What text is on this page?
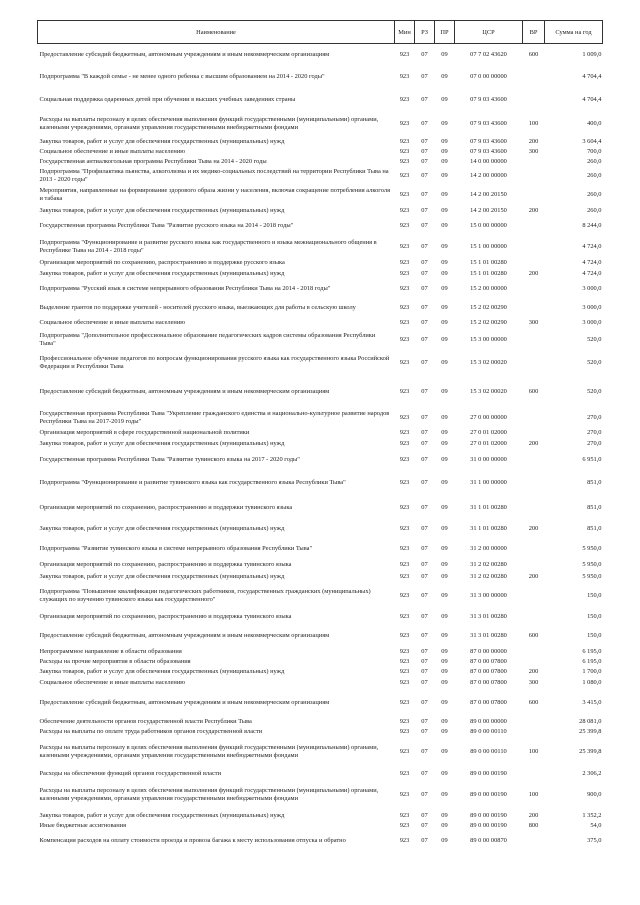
Наименование	Мин	РЗ	ПР	ЦСР	ВР	Сумма на год
Предоставление субсидий бюджетным, автономным учреждениям и иным некоммерческим организациям	923	07	09	07 7 02 43620	600	1 009,0
Подпрограмма "В каждой семье - не менее одного ребенка с высшим образованием на 2014 - 2020 годы"	923	07	09	07 0 00 00000		4 704,4
Социальная поддержка одаренных детей при обучении в высших учебных заведениях страны	923	07	09	07 9 03 43600		4 704,4
Расходы на выплаты персоналу в целях обеспечения выполнения функций государственными (муниципальными) органами, казенными учреждениями, органами управления государственными внебюджетными фондами	923	07	09	07 9 03 43600	100	400,0
Закупка товаров, работ и услуг для обеспечения государственных (муниципальных) нужд	923	07	09	07 9 03 43600	200	3 604,4
Социальное обеспечение и иные выплаты населению	923	07	09	07 9 03 43600	300	700,0
Государственная антиалкогольная программа Республики Тыва на 2014 - 2020 годы	923	07	09	14 0 00 00000		260,0
Подпрограмма "Профилактика пьянства, алкоголизма и их медико-социальных последствий на территории Республики Тыва на 2013 - 2020 годы"	923	07	09	14 2 00 00000		260,0
Мероприятия, направленные на формирование здорового образа жизни у населения, включая сокращение потребления алкоголя и табака	923	07	09	14 2 00 20150		260,0
Закупка товаров, работ и услуг для обеспечения государственных (муниципальных) нужд	923	07	09	14 2 00 20150	200	260,0
Государственная программа Республики Тыва "Развитие русского языка на 2014 - 2018 годы"	923	07	09	15 0 00 00000		8 244,0
Подпрограмма "Функционирование и развитие русского языка как государственного и языка межнационального общения в Республике Тыва на 2014 - 2018 годы"	923	07	09	15 1 00 00000		4 724,0
Организация мероприятий по сохранению, распространению и поддержке русского языка	923	07	09	15 1 01 00280		4 724,0
Закупка товаров, работ и услуг для обеспечения государственных (муниципальных) нужд	923	07	09	15 1 01 00280	200	4 724,0
Подпрограмма "Русский язык в системе непрерывного образования Республики Тыва на 2014 - 2018 годы"	923	07	09	15 2 00 00000		3 000,0
Выделение грантов по поддержке учителей - носителей русского языка, выезжающих для работы в сельскую школу	923	07	09	15 2 02 00290		3 000,0
Социальное обеспечение и иные выплаты населению	923	07	09	15 2 02 00290	300	3 000,0
Подпрограмма "Дополнительное профессиональное образование педагогических кадров системы образования Республики Тыва"	923	07	09	15 3 00 00000		520,0
Профессиональное обучение педагогов по вопросам функционирования русского языка как государственного языка Российской Федерации и Республики Тыва	923	07	09	15 3 02 00020		520,0
Предоставление субсидий бюджетным, автономным учреждениям и иным некоммерческим организациям	923	07	09	15 3 02 00020	600	520,0
Государственная программа Республики Тыва "Укрепление гражданского единства и национально-культурное развитие народов Республики Тыва на 2017-2019 годы"	923	07	09	27 0 00 00000		270,0
Организация мероприятий в сфере государственной национальной политики	923	07	09	27 0 01 02000		270,0
Закупка товаров, работ и услуг для обеспечения государственных (муниципальных) нужд	923	07	09	27 0 01 02000	200	270,0
Государственная программа Республики Тыва "Развитие тувинского языка на 2017 - 2020 годы"	923	07	09	31 0 00 00000		6 951,0
Подпрограмма "Функционирование и развитие тувинского языка как государственного языка Республики Тыва"	923	07	09	31 1 00 00000		851,0
Организация мероприятий по сохранению, распространению и поддержки тувинского языка	923	07	09	31 1 01 00280		851,0
Закупка товаров, работ и услуг для обеспечения государственных (муниципальных) нужд	923	07	09	31 1 01 00280	200	851,0
Подпрограмма "Развитие тувинского языка в системе непрерывного образования Республики Тыва"	923	07	09	31 2 00 00000		5 950,0
Организация мероприятий по сохранению, распространению и поддержка тувинского языка	923	07	09	31 2 02 00280		5 950,0
Закупка товаров, работ и услуг для обеспечения государственных (муниципальных) нужд	923	07	09	31 2 02 00280	200	5 950,0
Подпрограмма "Повышение квалификации педагогических работников, государственных гражданских (муниципальных) служащих по изучению тувинского языка как государственного"	923	07	09	31 3 00 00000		150,0
Организация мероприятий по сохранению, распространению и поддержка тувинского языка	923	07	09	31 3 01 00280		150,0
Предоставление субсидий бюджетным, автономным учреждениям и иным некоммерческим организациям	923	07	09	31 3 01 00280	600	150,0
Непрограммное направление в области образования	923	07	09	87 0 00 00000		6 195,0
Расходы на прочие мероприятия в области образования	923	07	09	87 0 00 07800		6 195,0
Закупка товаров, работ и услуг для обеспечения государственных (муниципальных) нужд	923	07	09	87 0 00 07800	200	1 700,0
Социальное обеспечение и иные выплаты населению	923	07	09	87 0 00 07800	300	1 080,0
Предоставление субсидий бюджетным, автономным учреждениям и иным некоммерческим организациям	923	07	09	87 0 00 07800	600	3 415,0
Обеспечение деятельности органов государственной власти Республики Тыва	923	07	09	89 0 00 00000		28 081,0
Расходы на выплаты по оплате труда работников органов государственной власти	923	07	09	89 0 00 00110		25 399,8
Расходы на выплаты персоналу в целях обеспечения выполнения функций государственными (муниципальными) органами, казенными учреждениями, органами управления государственными внебюджетными фондами	923	07	09	89 0 00 00110	100	25 399,8
Расходы на обеспечение функций органов государственной власти	923	07	09	89 0 00 00190		2 306,2
Расходы на выплаты персоналу в целях обеспечения выполнения функций государственными (муниципальными) органами, казенными учреждениями, органами управления государственными внебюджетными фондами	923	07	09	89 0 00 00190	100	900,0
Закупка товаров, работ и услуг для обеспечения государственных (муниципальных) нужд	923	07	09	89 0 00 00190	200	1 352,2
Иные бюджетные ассигнования	923	07	09	89 0 00 00190	800	54,0
Компенсация расходов на оплату стоимости проезда и провоза багажа к месту использования отпуска и обратно	923	07	09	89 0 00 00870		375,0
